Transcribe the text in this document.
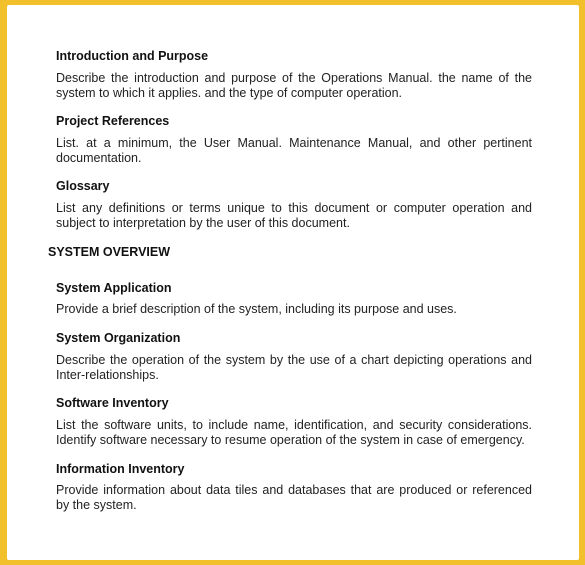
Introduction and Purpose

Describe the introduction and purpose of the Operations Manual. the name of the system to which it applies. and the type of computer operation.

Project References

List. at a minimum, the User Manual. Maintenance Manual, and other pertinent documentation.

Glossary

List any definitions or terms unique to this document or computer operation and subject to interpretation by the user of this document.

SYSTEM OVERVIEW

System Application

Provide a brief description of the system, including its purpose and uses.

System Organization

Describe the operation of the system by the use of a chart depicting operations and Inter-relationships.

Software Inventory

List the software units, to include name, identification, and security considerations. Identify software necessary to resume operation of the system in case of emergency.

Information Inventory

Provide information about data tiles and databases that are produced or referenced by the system.
